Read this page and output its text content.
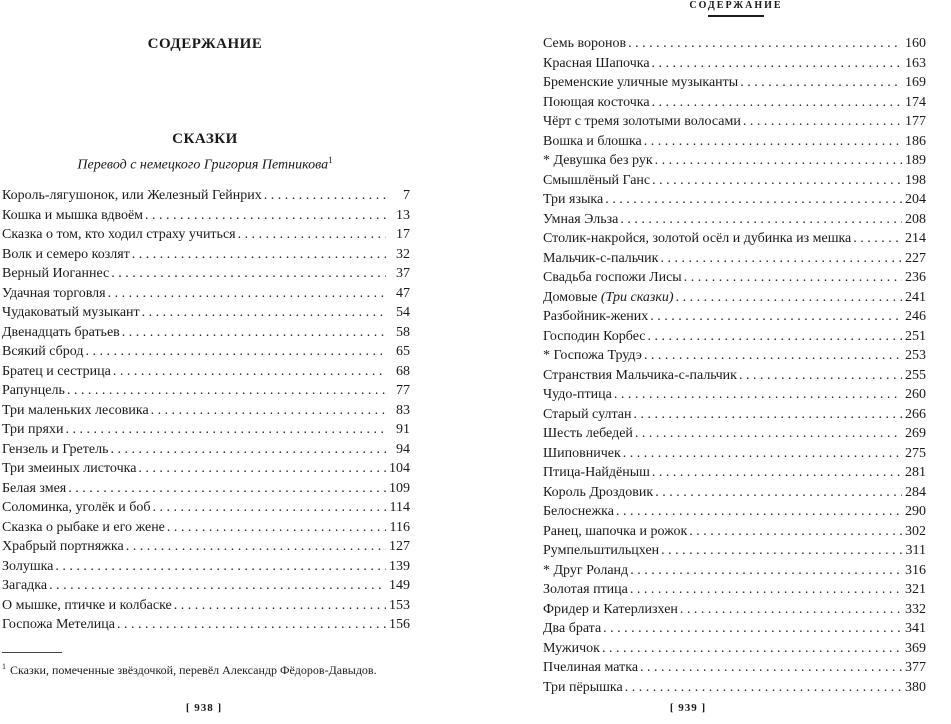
СОДЕРЖАНИЕ
СКАЗКИ
Перевод с немецкого Григория Петникова$^1$
Король-лягушонок, или Железный Гейнрих . . .	7
Кошка и мышка вдвоём . . .	13
Сказка о том, кто ходил страху учиться . . .	17
Волк и семеро козлят . . .	32
Верный Иоганнес . . .	37
Удачная торговля . . .	47
Чудаковатый музыкант . . .	54
Двенадцать братьев . . .	58
Всякий сброд . . .	65
Братец и сестрица . . .	68
Рапунцель . . .	77
Три маленьких лесовика . . .	83
Три пряхи . . .	91
Гензель и Гретель . . .	94
Три змеиных листочка . . .	104
Белая змея . . .	109
Соломинка, уголёк и боб . . .	114
Сказка о рыбаке и его жене . . .	116
Храбрый портняжка . . .	127
Золушка . . .	139
Загадка . . .	149
О мышке, птичке и колбаске . . .	153
Госпожа Метелица . . .	156
$^1$ Сказки, помеченные звёздочкой, перевёл Александр Фёдоров-Давыдов.
[ 938 ]
СОДЕРЖАНИЕ
Семь воронов . . .	160
Красная Шапочка . . .	163
Бременские уличные музыканты . . .	169
Поющая косточка . . .	174
Чёрт с тремя золотыми волосами . . .	177
Вошка и блошка . . .	186
* Девушка без рук . . .	189
Смышлёный Ганс . . .	198
Три языка . . .	204
Умная Эльза . . .	208
Столик-накройся, золотой осёл и дубинка из мешка . . .	214
Мальчик-с-пальчик . . .	227
Свадьба госпожи Лисы . . .	236
Домовые (Три сказки) . . .	241
Разбойник-жених . . .	246
Господин Корбес . . .	251
* Госпожа Трудэ . . .	253
Странствия Мальчика-с-пальчик . . .	255
Чудо-птица . . .	260
Старый султан . . .	266
Шесть лебедей . . .	269
Шиповничек . . .	275
Птица-Найдёныш . . .	281
Король Дроздовик . . .	284
Белоснежка . . .	290
Ранец, шапочка и рожок . . .	302
Румпельштильцхен . . .	311
* Друг Роланд . . .	316
Золотая птица . . .	321
Фридер и Катерлизхен . . .	332
Два брата . . .	341
Мужичок . . .	369
Пчелиная матка . . .	377
Три пёрышка . . .	380
[ 939 ]
